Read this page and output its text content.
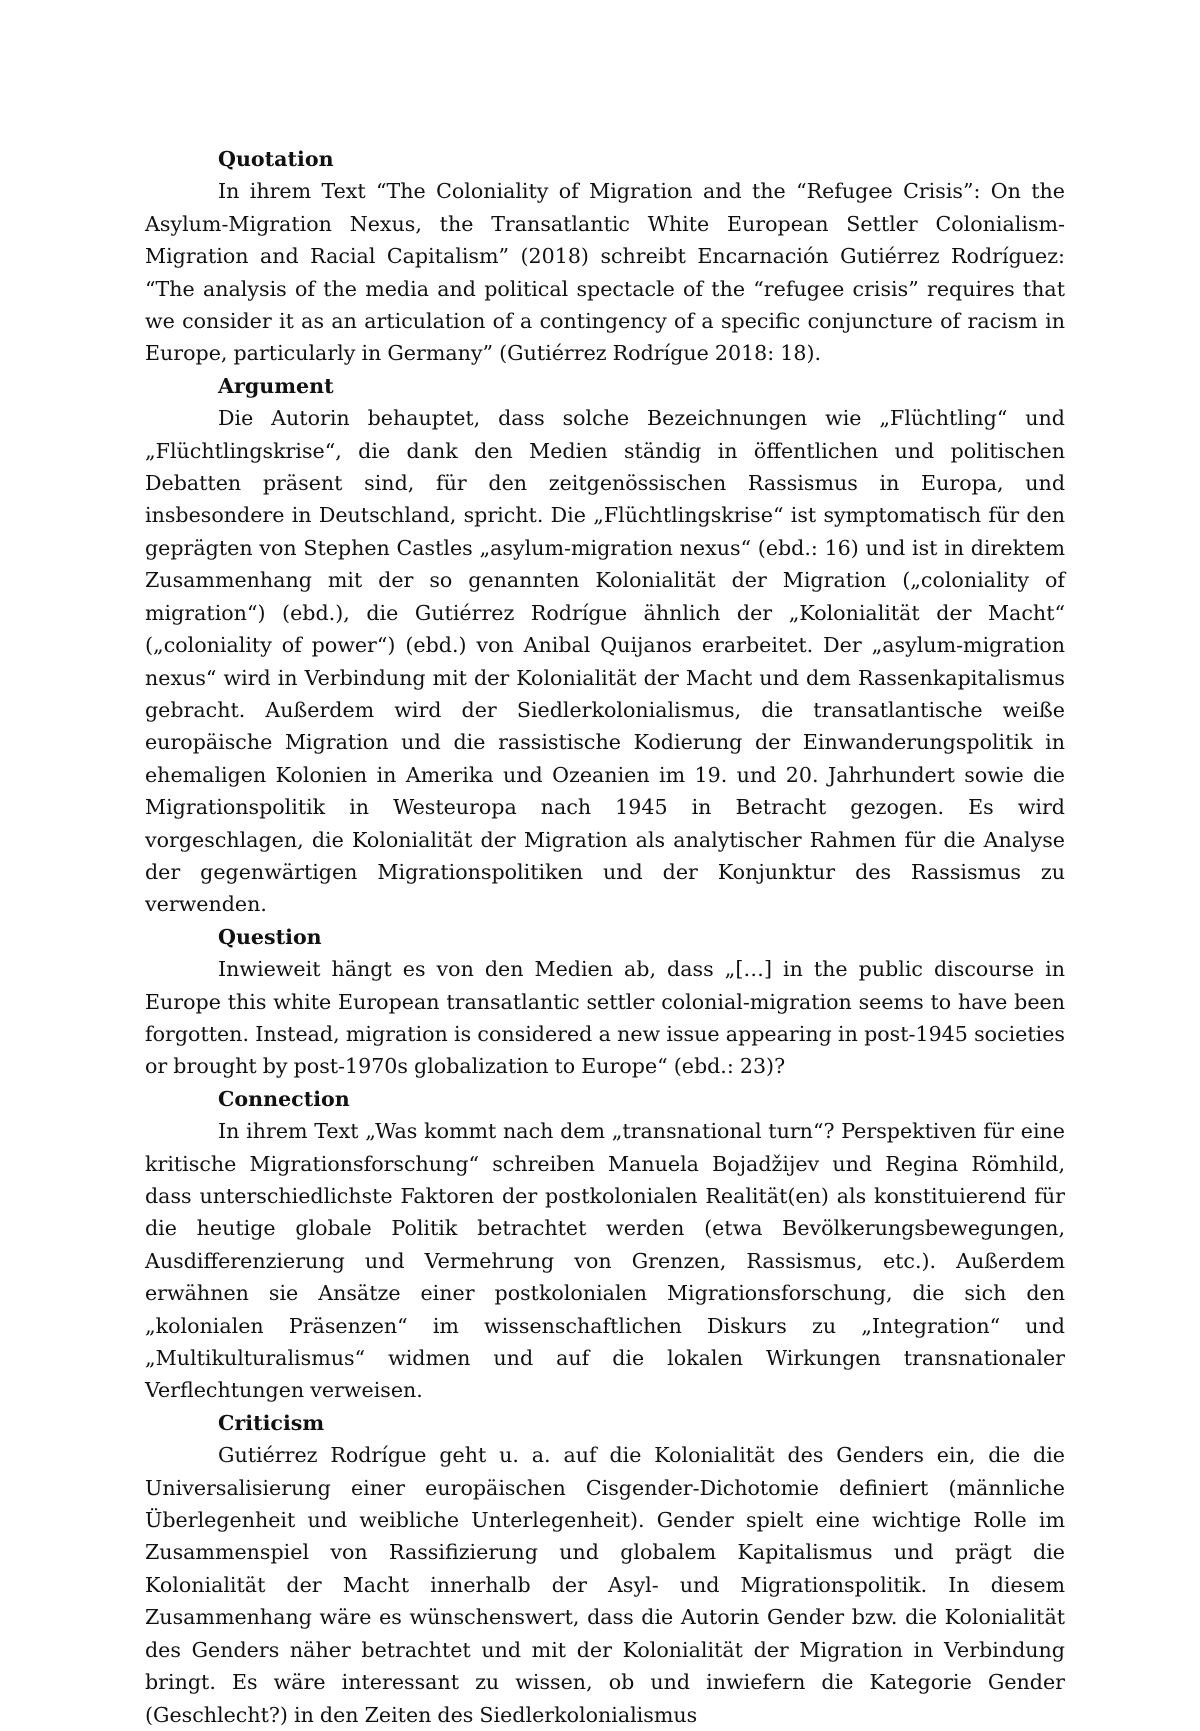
Quotation

In ihrem Text “The Coloniality of Migration and the “Refugee Crisis”: On the Asylum-Migration Nexus, the Transatlantic White European Settler Colonialism-Migration and Racial Capitalism” (2018) schreibt Encarnación Gutiérrez Rodríguez: “The analysis of the media and political spectacle of the “refugee crisis” requires that we consider it as an articulation of a contingency of a specific conjuncture of racism in Europe, particularly in Germany” (Gutiérrez Rodrígue 2018: 18).

Argument

Die Autorin behauptet, dass solche Bezeichnungen wie „Flüchtling“ und „Flüchtlingskrise“, die dank den Medien ständig in öffentlichen und politischen Debatten präsent sind, für den zeitgenössischen Rassismus in Europa, und insbesondere in Deutschland, spricht. Die „Flüchtlingskrise“ ist symptomatisch für den geprägten von Stephen Castles „asylum-migration nexus“ (ebd.: 16) und ist in direktem Zusammenhang mit der so genannten Kolonialität der Migration („coloniality of migration“) (ebd.), die Gutiérrez Rodrígue ähnlich der „Kolonialität der Macht“ („coloniality of power“) (ebd.) von Anibal Quijanos erarbeitet. Der „asylum-migration nexus“ wird in Verbindung mit der Kolonialität der Macht und dem Rassenkapitalismus gebracht. Außerdem wird der Siedlerkolonialismus, die transatlantische weiße europäische Migration und die rassistische Kodierung der Einwanderungspolitik in ehemaligen Kolonien in Amerika und Ozeanien im 19. und 20. Jahrhundert sowie die Migrationspolitik in Westeuropa nach 1945 in Betracht gezogen. Es wird vorgeschlagen, die Kolonialität der Migration als analytischer Rahmen für die Analyse der gegenwärtigen Migrationspolitiken und der Konjunktur des Rassismus zu verwenden.

Question

Inwieweit hängt es von den Medien ab, dass „[…] in the public discourse in Europe this white European transatlantic settler colonial-migration seems to have been forgotten. Instead, migration is considered a new issue appearing in post-1945 societies or brought by post-1970s globalization to Europe“ (ebd.: 23)?

Connection

In ihrem Text „Was kommt nach dem „transnational turn“? Perspektiven für eine kritische Migrationsforschung“ schreiben Manuela Bojadžijev und Regina Römhild, dass unterschiedlichste Faktoren der postkolonialen Realität(en) als konstituierend für die heutige globale Politik betrachtet werden (etwa Bevölkerungsbewegungen, Ausdifferenzierung und Vermehrung von Grenzen, Rassismus, etc.). Außerdem erwähnen sie Ansätze einer postkolonialen Migrationsforschung, die sich den „kolonialen Präsenzen“ im wissenschaftlichen Diskurs zu „Integration“ und „Multikulturalismus“ widmen und auf die lokalen Wirkungen transnationaler Verflechtungen verweisen.

Criticism

Gutiérrez Rodrígue geht u. a. auf die Kolonialität des Genders ein, die die Universalisierung einer europäischen Cisgender-Dichotomie definiert (männliche Überlegenheit und weibliche Unterlegenheit). Gender spielt eine wichtige Rolle im Zusammenspiel von Rassifizierung und globalem Kapitalismus und prägt die Kolonialität der Macht innerhalb der Asyl- und Migrationspolitik. In diesem Zusammenhang wäre es wünschenswert, dass die Autorin Gender bzw. die Kolonialität des Genders näher betrachtet und mit der Kolonialität der Migration in Verbindung bringt. Es wäre interessant zu wissen, ob und inwiefern die Kategorie Gender (Geschlecht?) in den Zeiten des Siedlerkolonialismus
